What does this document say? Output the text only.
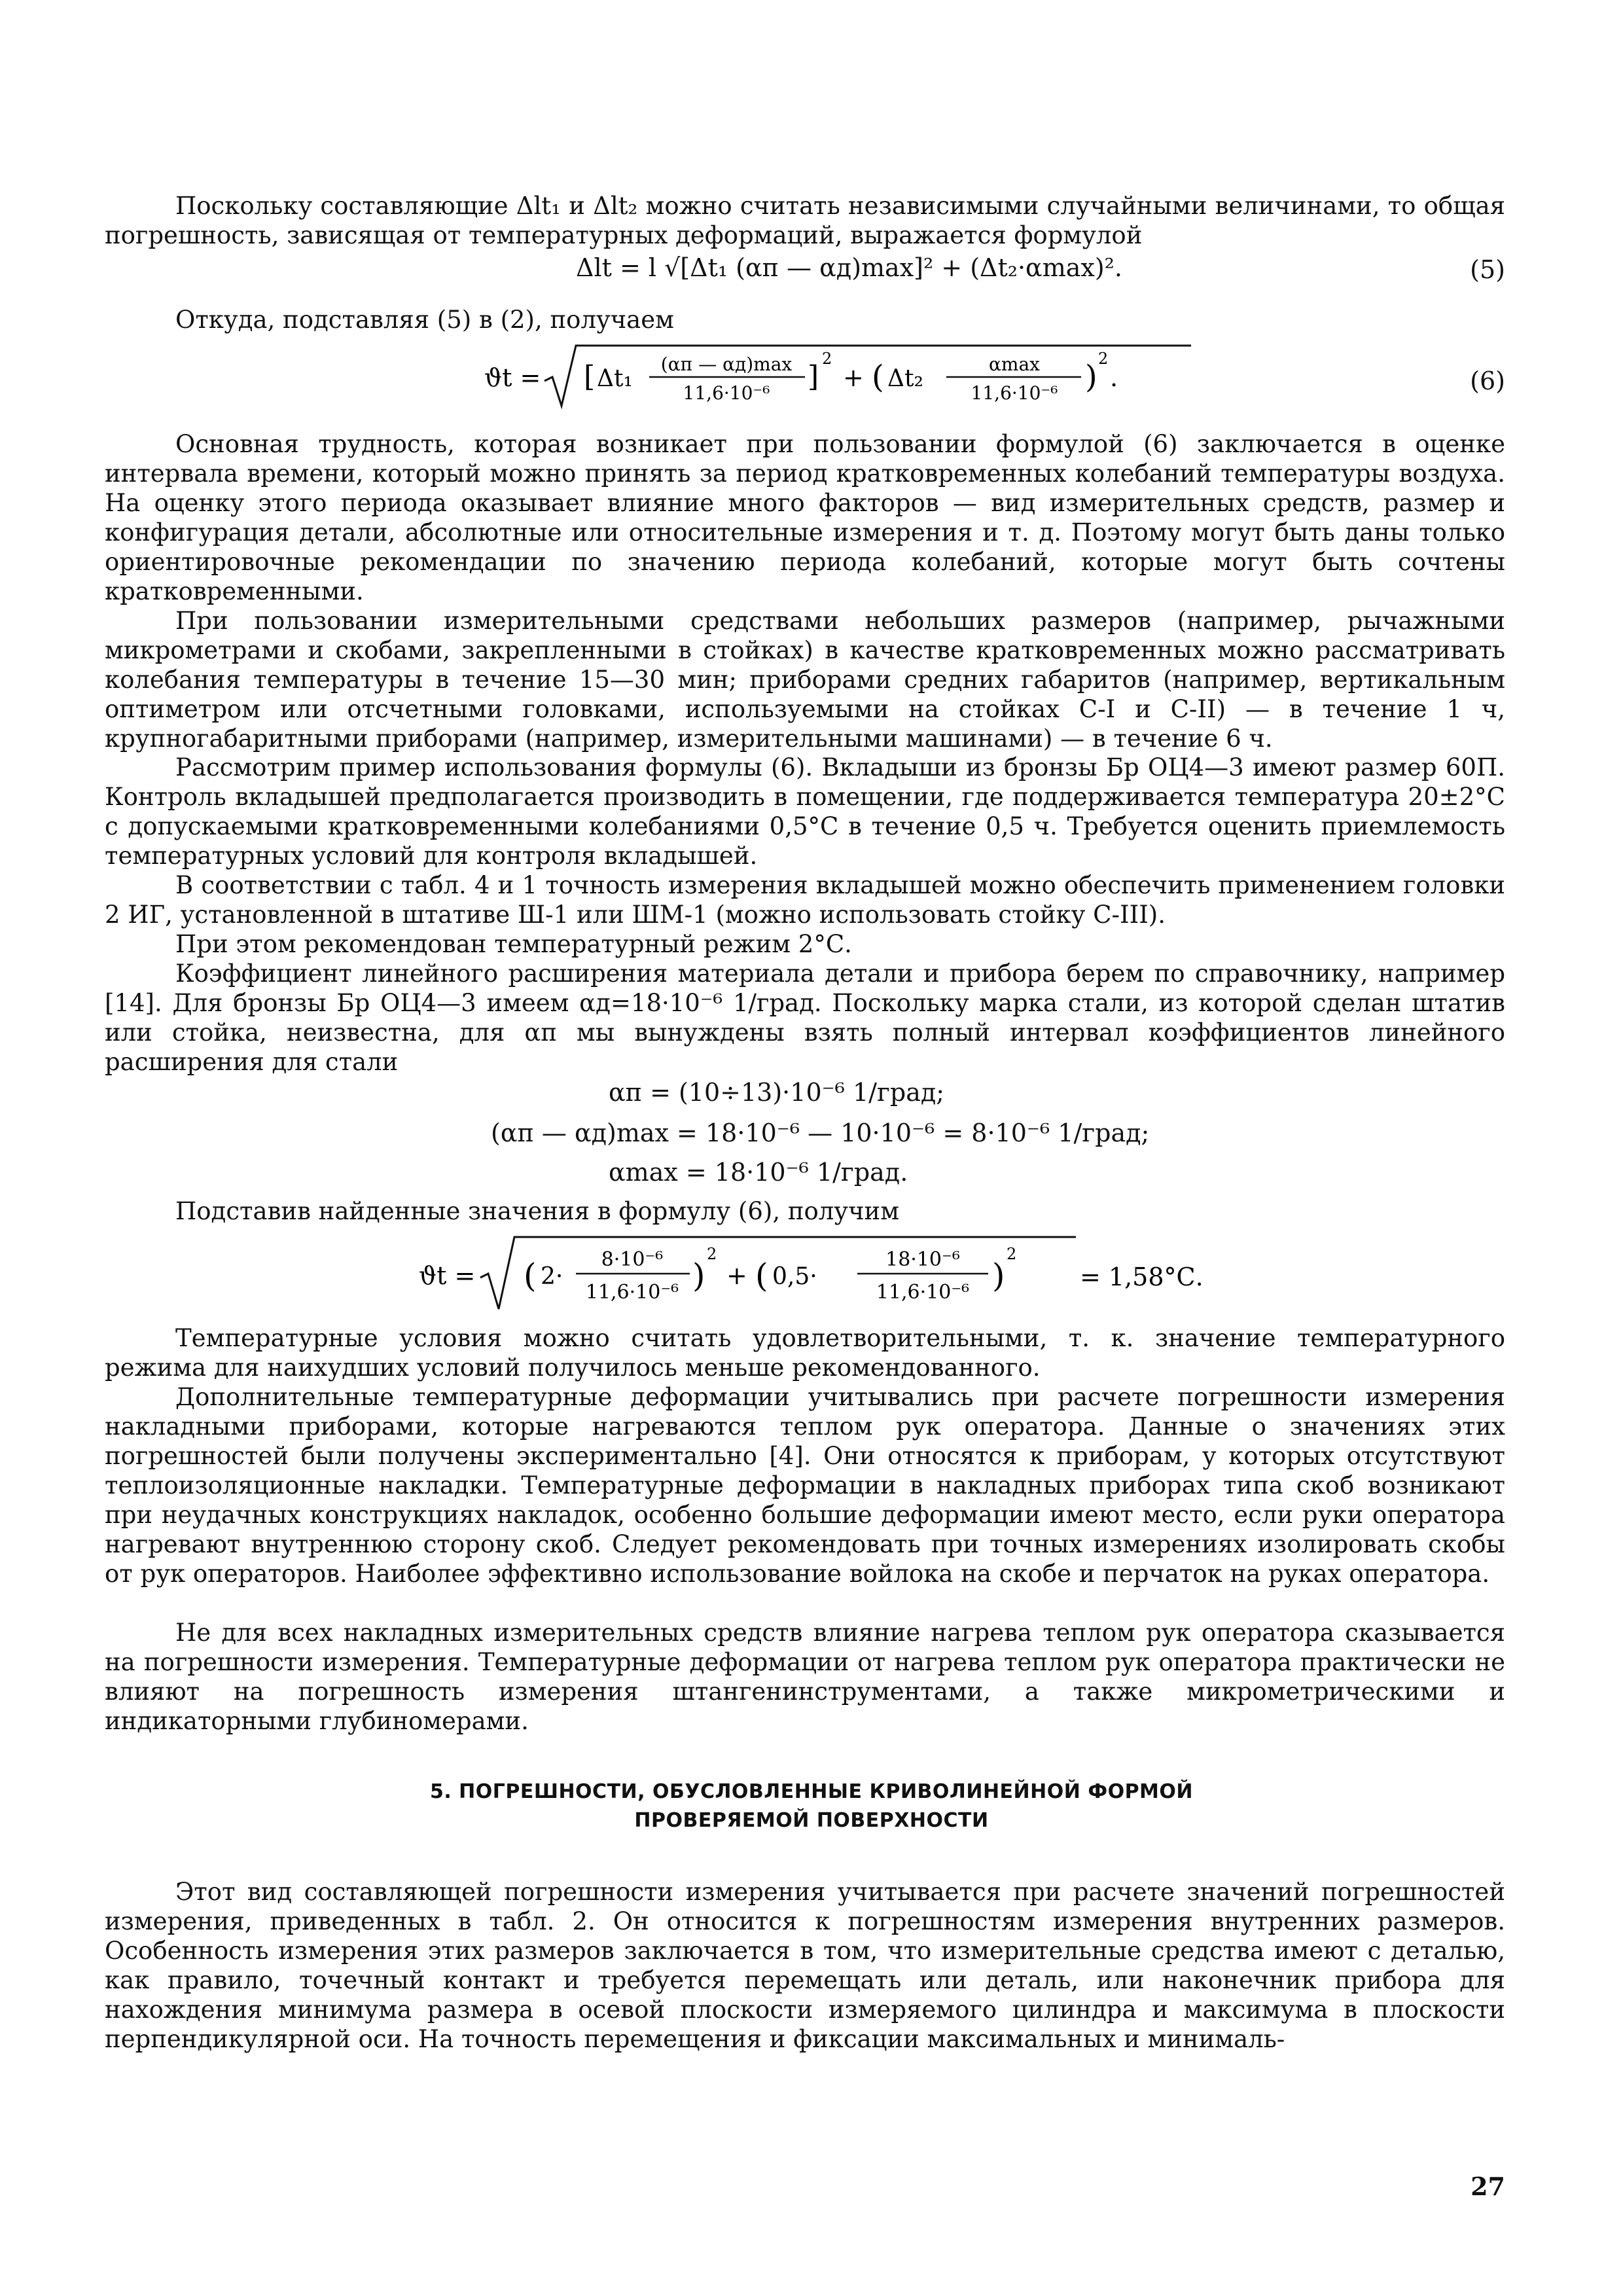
Поскольку составляющие Δlt₁ и Δlt₂ можно считать независимыми случайными величинами, то общая погрешность, зависящая от температурных деформаций, выражается формулой

Δlt = l √[Δt₁ (αп — αд)max]² + (Δt₂·αmax)².	(5)
Откуда, подставляя (5) в (2), получаем
ϑt = [ Δt₁
(αп — αд)max
11,6·10⁻⁶ ]
2
+ ( Δt₂
αmax
11,6·10⁻⁶ ) 2
.	(6)

Основная трудность, которая возникает при пользовании формулой (6) заключается в оценке интервала времени, который можно принять за период кратковременных колебаний температуры воздуха. На оценку этого периода оказывает влияние много факторов — вид измерительных средств, размер и конфигурация детали, абсолютные или относительные измерения и т. д. Поэтому могут быть даны только ориентировочные рекомендации по значению периода колебаний, которые могут быть сочтены кратковременными.

При пользовании измерительными средствами небольших размеров (например, рычажными микрометрами и скобами, закрепленными в стойках) в качестве кратковременных можно рассматривать колебания температуры в течение 15—30 мин; приборами средних габаритов (например, вертикальным оптиметром или отсчетными головками, используемыми на стойках С-I и С-II) — в течение 1 ч, крупногабаритными приборами (например, измерительными машинами) — в течение 6 ч.

Рассмотрим пример использования формулы (6). Вкладыши из бронзы Бр ОЦ4—3 имеют размер 60П. Контроль вкладышей предполагается производить в помещении, где поддерживается температура 20±2°С с допускаемыми кратковременными колебаниями 0,5°С в течение 0,5 ч. Требуется оценить приемлемость температурных условий для контроля вкладышей.

В соответствии с табл. 4 и 1 точность измерения вкладышей можно обеспечить применением головки 2 ИГ, установленной в штативе Ш-1 или ШМ-1 (можно использовать стойку С-III).

При этом рекомендован температурный режим 2°С.

Коэффициент линейного расширения материала детали и прибора берем по справочнику, например [14]. Для бронзы Бр ОЦ4—3 имеем αд=18·10⁻⁶ 1/град. Поскольку марка стали, из которой сделан штатив или стойка, неизвестна, для αп мы вынуждены взять полный интервал коэффициентов линейного расширения для стали

αп = (10÷13)·10⁻⁶ 1/град;
(αп — αд)max = 18·10⁻⁶ — 10·10⁻⁶ = 8·10⁻⁶ 1/град;
αmax = 18·10⁻⁶ 1/град.
Подставив найденные значения в формулу (6), получим
ϑt = ( 2·
8·10⁻⁶
11,6·10⁻⁶ )
2
+ ( 0,5·
18·10⁻⁶
11,6·10⁻⁶ )
2
= 1,58°С.

Температурные условия можно считать удовлетворительными, т. к. значение температурного режима для наихудших условий получилось меньше рекомендованного.

Дополнительные температурные деформации учитывались при расчете погрешности измерения накладными приборами, которые нагреваются теплом рук оператора. Данные о значениях этих погрешностей были получены экспериментально [4]. Они относятся к приборам, у которых отсутствуют теплоизоляционные накладки. Температурные деформации в накладных приборах типа скоб возникают при неудачных конструкциях накладок, особенно большие деформации имеют место, если руки оператора нагревают внутреннюю сторону скоб. Следует рекомендовать при точных измерениях изолировать скобы от рук операторов. Наиболее эффективно использование войлока на скобе и перчаток на руках оператора.

Не для всех накладных измерительных средств влияние нагрева теплом рук оператора сказывается на погрешности измерения. Температурные деформации от нагрева теплом рук оператора практически не влияют на погрешность измерения штангенинструментами, а также микрометрическими и индикаторными глубиномерами.

5. ПОГРЕШНОСТИ, ОБУСЛОВЛЕННЫЕ КРИВОЛИНЕЙНОЙ ФОРМОЙ
ПРОВЕРЯЕМОЙ ПОВЕРХНОСТИ

Этот вид составляющей погрешности измерения учитывается при расчете значений погрешностей измерения, приведенных в табл. 2. Он относится к погрешностям измерения внутренних размеров. Особенность измерения этих размеров заключается в том, что измерительные средства имеют с деталью, как правило, точечный контакт и требуется перемещать или деталь, или наконечник прибора для нахождения минимума размера в осевой плоскости измеряемого цилиндра и максимума в плоскости перпендикулярной оси. На точность перемещения и фиксации максимальных и минималь-

27
